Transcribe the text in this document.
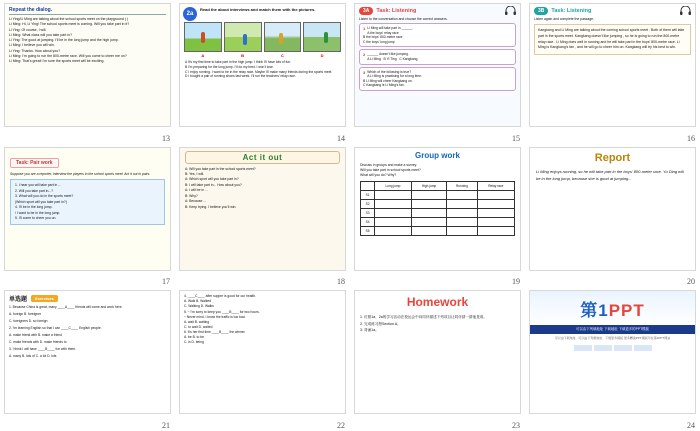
Repeat the dialog.
Li Ying/Li Ming are talking about the school sports meet on the playground ( )
Li Ming: Hi, Li Ying! The school sports meet is coming. Will you take part in it?
Li Ying: Of course, I will.
Li Ming: What class will you take part in?
Li Ying: The good at jumping. I'll be in the long jump and the high jump.
Li Ming: I believe you will win.
Li Ying: Thanks. How about you?
Li Ming: I'm going to run the 800-metre race. Will you come to cheer me on?
Li Ming: That's great! I'm sure the sports meet will be exciting.
13
2a
Read the about interviews and match them with the pictures.
A	B	C	D
A It's my first time to take part in the high jump. I think I'll have lots of fun.
B I'm preparing for the long jump. I'll do my best. I won't lose.
C I enjoy running. I want to be in the relay race. Maybe I'll make many friends during the sports meet.
D I bought a pair of running shoes last week. I'll run the teachers' relay race.
14
3A	Task: Listening
Listen to the conversation and choose the correct answers.
1 Li Ming will take part in ______.
A the boys' relay race
B the boys' 800-metre race
C the boys' long jump
2 ______ doesn't like jumping.
A Li Ming B Yi Ting C Kangkang
3 Which of the following is true?
A Li Ming is practising for a long time.
B Li Ming will cheer Kangkang on.
C Kangkang is Li Ming's fan.
15
3B	Task: Listening
Listen again and complete the passage.
Kangkang and Li Ming are talking about the coming school sports meet . Both of them will take part in the sports meet. Kangkang doesn't like jumping , so he is going to run the 800-metre relay race . Li Ming does well in running and he will take part in the boys' 800-metre race. Li Ming is Kangkang's fan , and he will go to cheer him on. Kangkang will try his best to win.
16
Task: Pair work
Suppose you are a reporter, interview the players in the school sports meet. Act it out in pairs.
1. I hear you will take part in ...
2. Will you take part in...?
3. What will you do in the sports meet?
(Which sport will you take part in?)
4. I'll be in the long jump.
/ I want to be in the long jump.
5. I'll come to cheer you on.
17
Act it out
A: Will you take part in the school sports meet?
B: Yes, I will.
A: Which sport will you take part in?
B: I will take part in... How about you?
A: I will be in ...
B: Why?
A: Because ...
B: Keep trying. I believe you'll win.
18
Group work
Discuss in groups and make a survey.
Will you take part in school sports meet?
What will you do? Why?
	Long jump	High jump	Running	Relay race
S1				
S2				
S3				
S4				
S5				
19
Report
Li Ming enjoys running, so he will take part in the boys' 800-meter race. Yu Ding will be in the long jump, because she is good at jumping...
20
单选题	Exercises
1. Because China is great, many ____A____ friends will come and work here.
A. foreign B. foreigner
C. foreigners D. so foreign
2. I'm learning English so that I can ____C____ English people.
A. make friend with B. make a friend
C. make friends with D. make friends to
3. I think I will have ____B____ fun with them.
A. many B. lots of C. a lot D. lots
21
4. ____C____ after supper is good for our health.
A. Walk B. Walked
C. Walking D. Walks
5. ~ I'm sorry to keep you ____B____ for two hours.
~ Never mind. I know the traffic is too bad.
A. wait B. waiting
C. to wait D. waited
6. It's her first time ____B____ the winner.
A. be B. to be
C. is D. being
22
Homework
1. 仿照1a、2a的学习活动在校运会中向同伴描述下列项目让同伴猜一猜他是谁。
2. 完成练习册Section A。
3. 背诵1a。
23
第1PPT
可以由下列载地址 下载地址 下载更多的PPT模板
可以由下载地址 · 可以由下列载地址 · 下载更多模板 更多精美PPT模板尽在第1PPT网站
24
